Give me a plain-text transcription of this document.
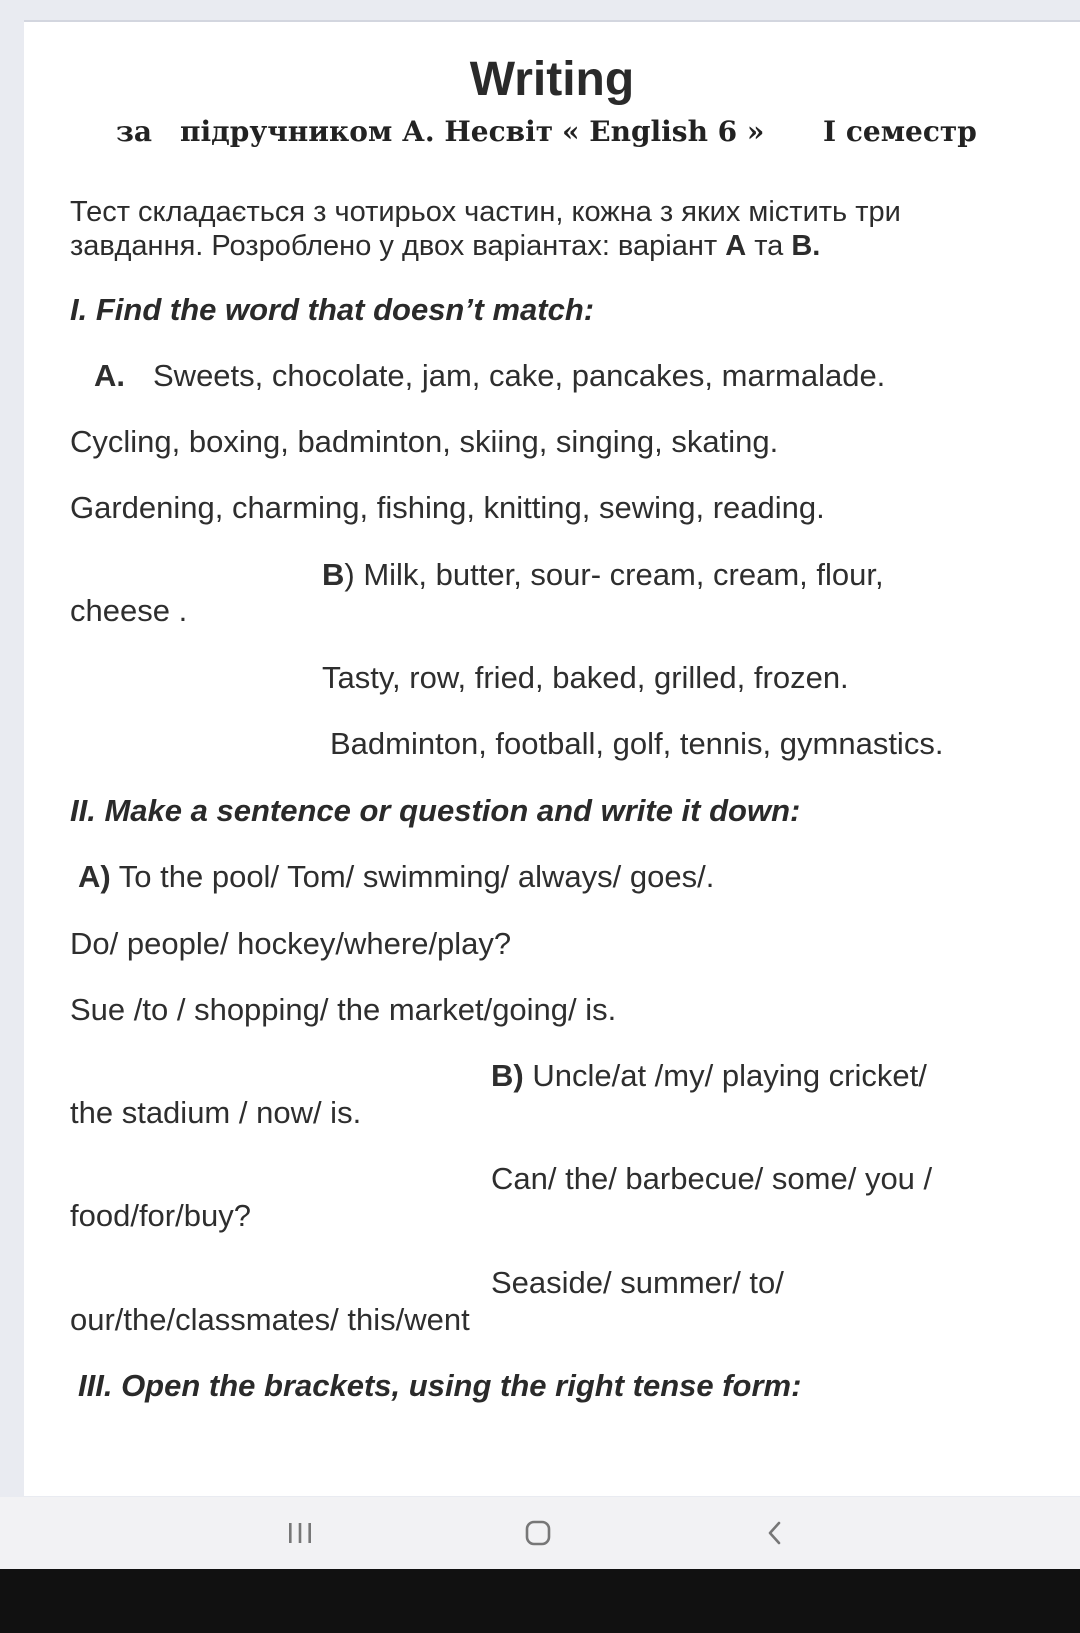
Writing
за підручником А. Несвіт « English 6 » І семестр
Тест складається з чотирьох частин, кожна з яких містить три
завдання. Розроблено у двох варіантах: варіант А та В.
I. Find the word that doesn’t match:
A. Sweets, chocolate, jam, cake, pancakes, marmalade.
Cycling, boxing, badminton, skiing, singing, skating.
Gardening, charming, fishing, knitting, sewing, reading.
B) Milk, butter, sour- cream, cream, flour,
cheese .
Tasty, row, fried, baked, grilled, frozen.
Badminton, football, golf, tennis, gymnastics.
II. Make a sentence or question and write it down:
A) To the pool/ Tom/ swimming/ always/ goes/.
Do/ people/ hockey/where/play?
Sue /to / shopping/ the market/going/ is.
B) Uncle/at /my/ playing cricket/
the stadium / now/ is.
Can/ the/ barbecue/ some/ you /
food/for/buy?
Seaside/ summer/ to/
our/the/classmates/ this/went
III. Open the brackets, using the right tense form:
